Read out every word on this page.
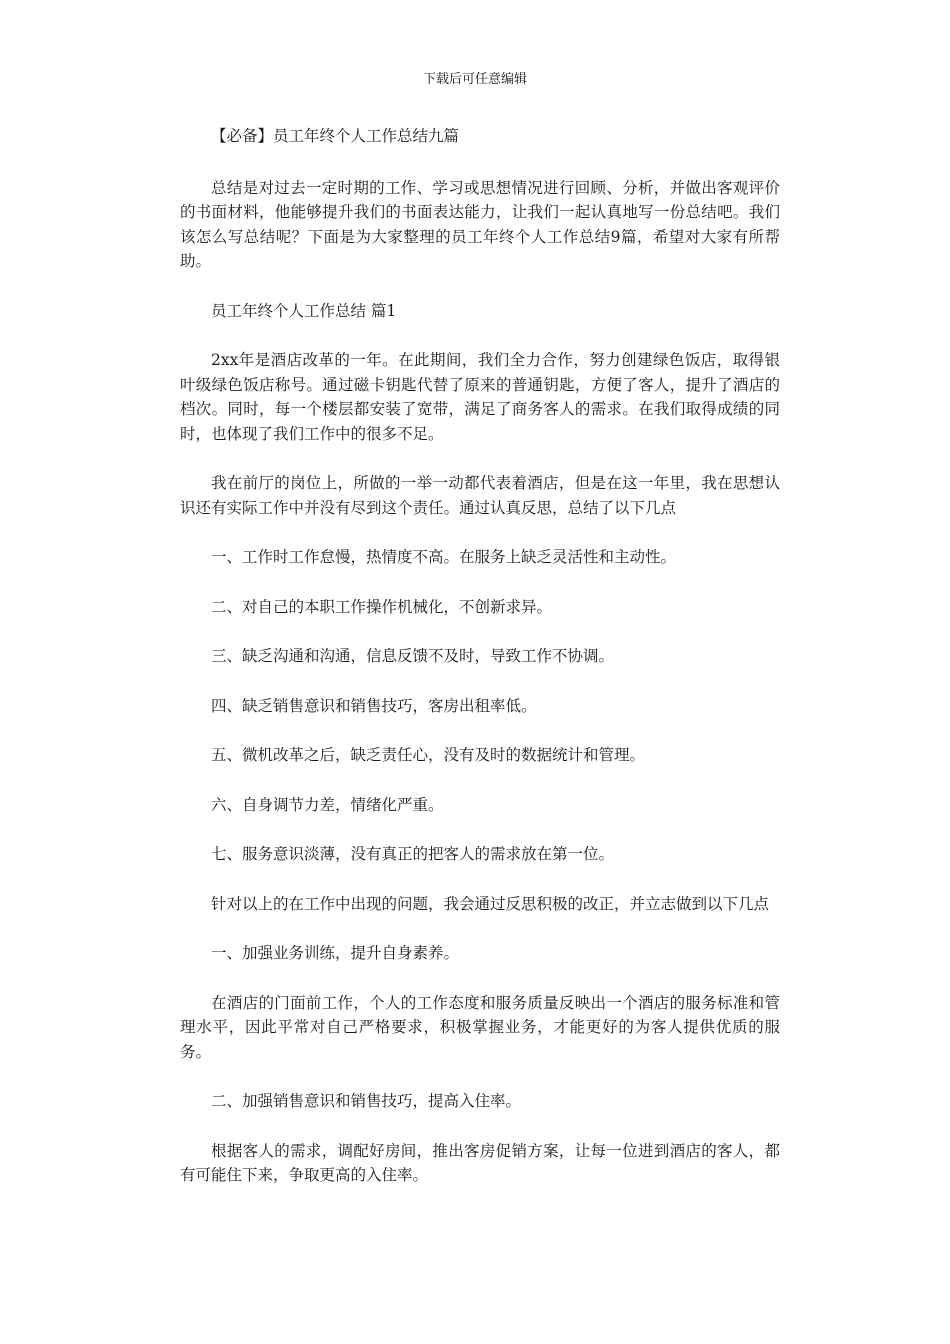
下载后可任意编辑

【必备】员工年终个人工作总结九篇

总结是对过去一定时期的工作、学习或思想情况进行回顾、分析，并做出客观评价的书面材料，他能够提升我们的书面表达能力，让我们一起认真地写一份总结吧。我们该怎么写总结呢？下面是为大家整理的员工年终个人工作总结9篇，希望对大家有所帮助。

员工年终个人工作总结 篇1

2xx年是酒店改革的一年。在此期间，我们全力合作，努力创建绿色饭店，取得银叶级绿色饭店称号。通过磁卡钥匙代替了原来的普通钥匙，方便了客人，提升了酒店的档次。同时，每一个楼层都安装了宽带，满足了商务客人的需求。在我们取得成绩的同时，也体现了我们工作中的很多不足。

我在前厅的岗位上，所做的一举一动都代表着酒店，但是在这一年里，我在思想认识还有实际工作中并没有尽到这个责任。通过认真反思，总结了以下几点

一、工作时工作怠慢，热情度不高。在服务上缺乏灵活性和主动性。

二、对自己的本职工作操作机械化，不创新求异。

三、缺乏沟通和沟通，信息反馈不及时，导致工作不协调。

四、缺乏销售意识和销售技巧，客房出租率低。

五、微机改革之后，缺乏责任心，没有及时的数据统计和管理。

六、自身调节力差，情绪化严重。

七、服务意识淡薄，没有真正的把客人的需求放在第一位。

针对以上的在工作中出现的问题，我会通过反思积极的改正，并立志做到以下几点

一、加强业务训练，提升自身素养。

在酒店的门面前工作，个人的工作态度和服务质量反映出一个酒店的服务标准和管理水平，因此平常对自己严格要求，积极掌握业务，才能更好的为客人提供优质的服务。

二、加强销售意识和销售技巧，提高入住率。

根据客人的需求，调配好房间，推出客房促销方案，让每一位进到酒店的客人，都有可能住下来，争取更高的入住率。
